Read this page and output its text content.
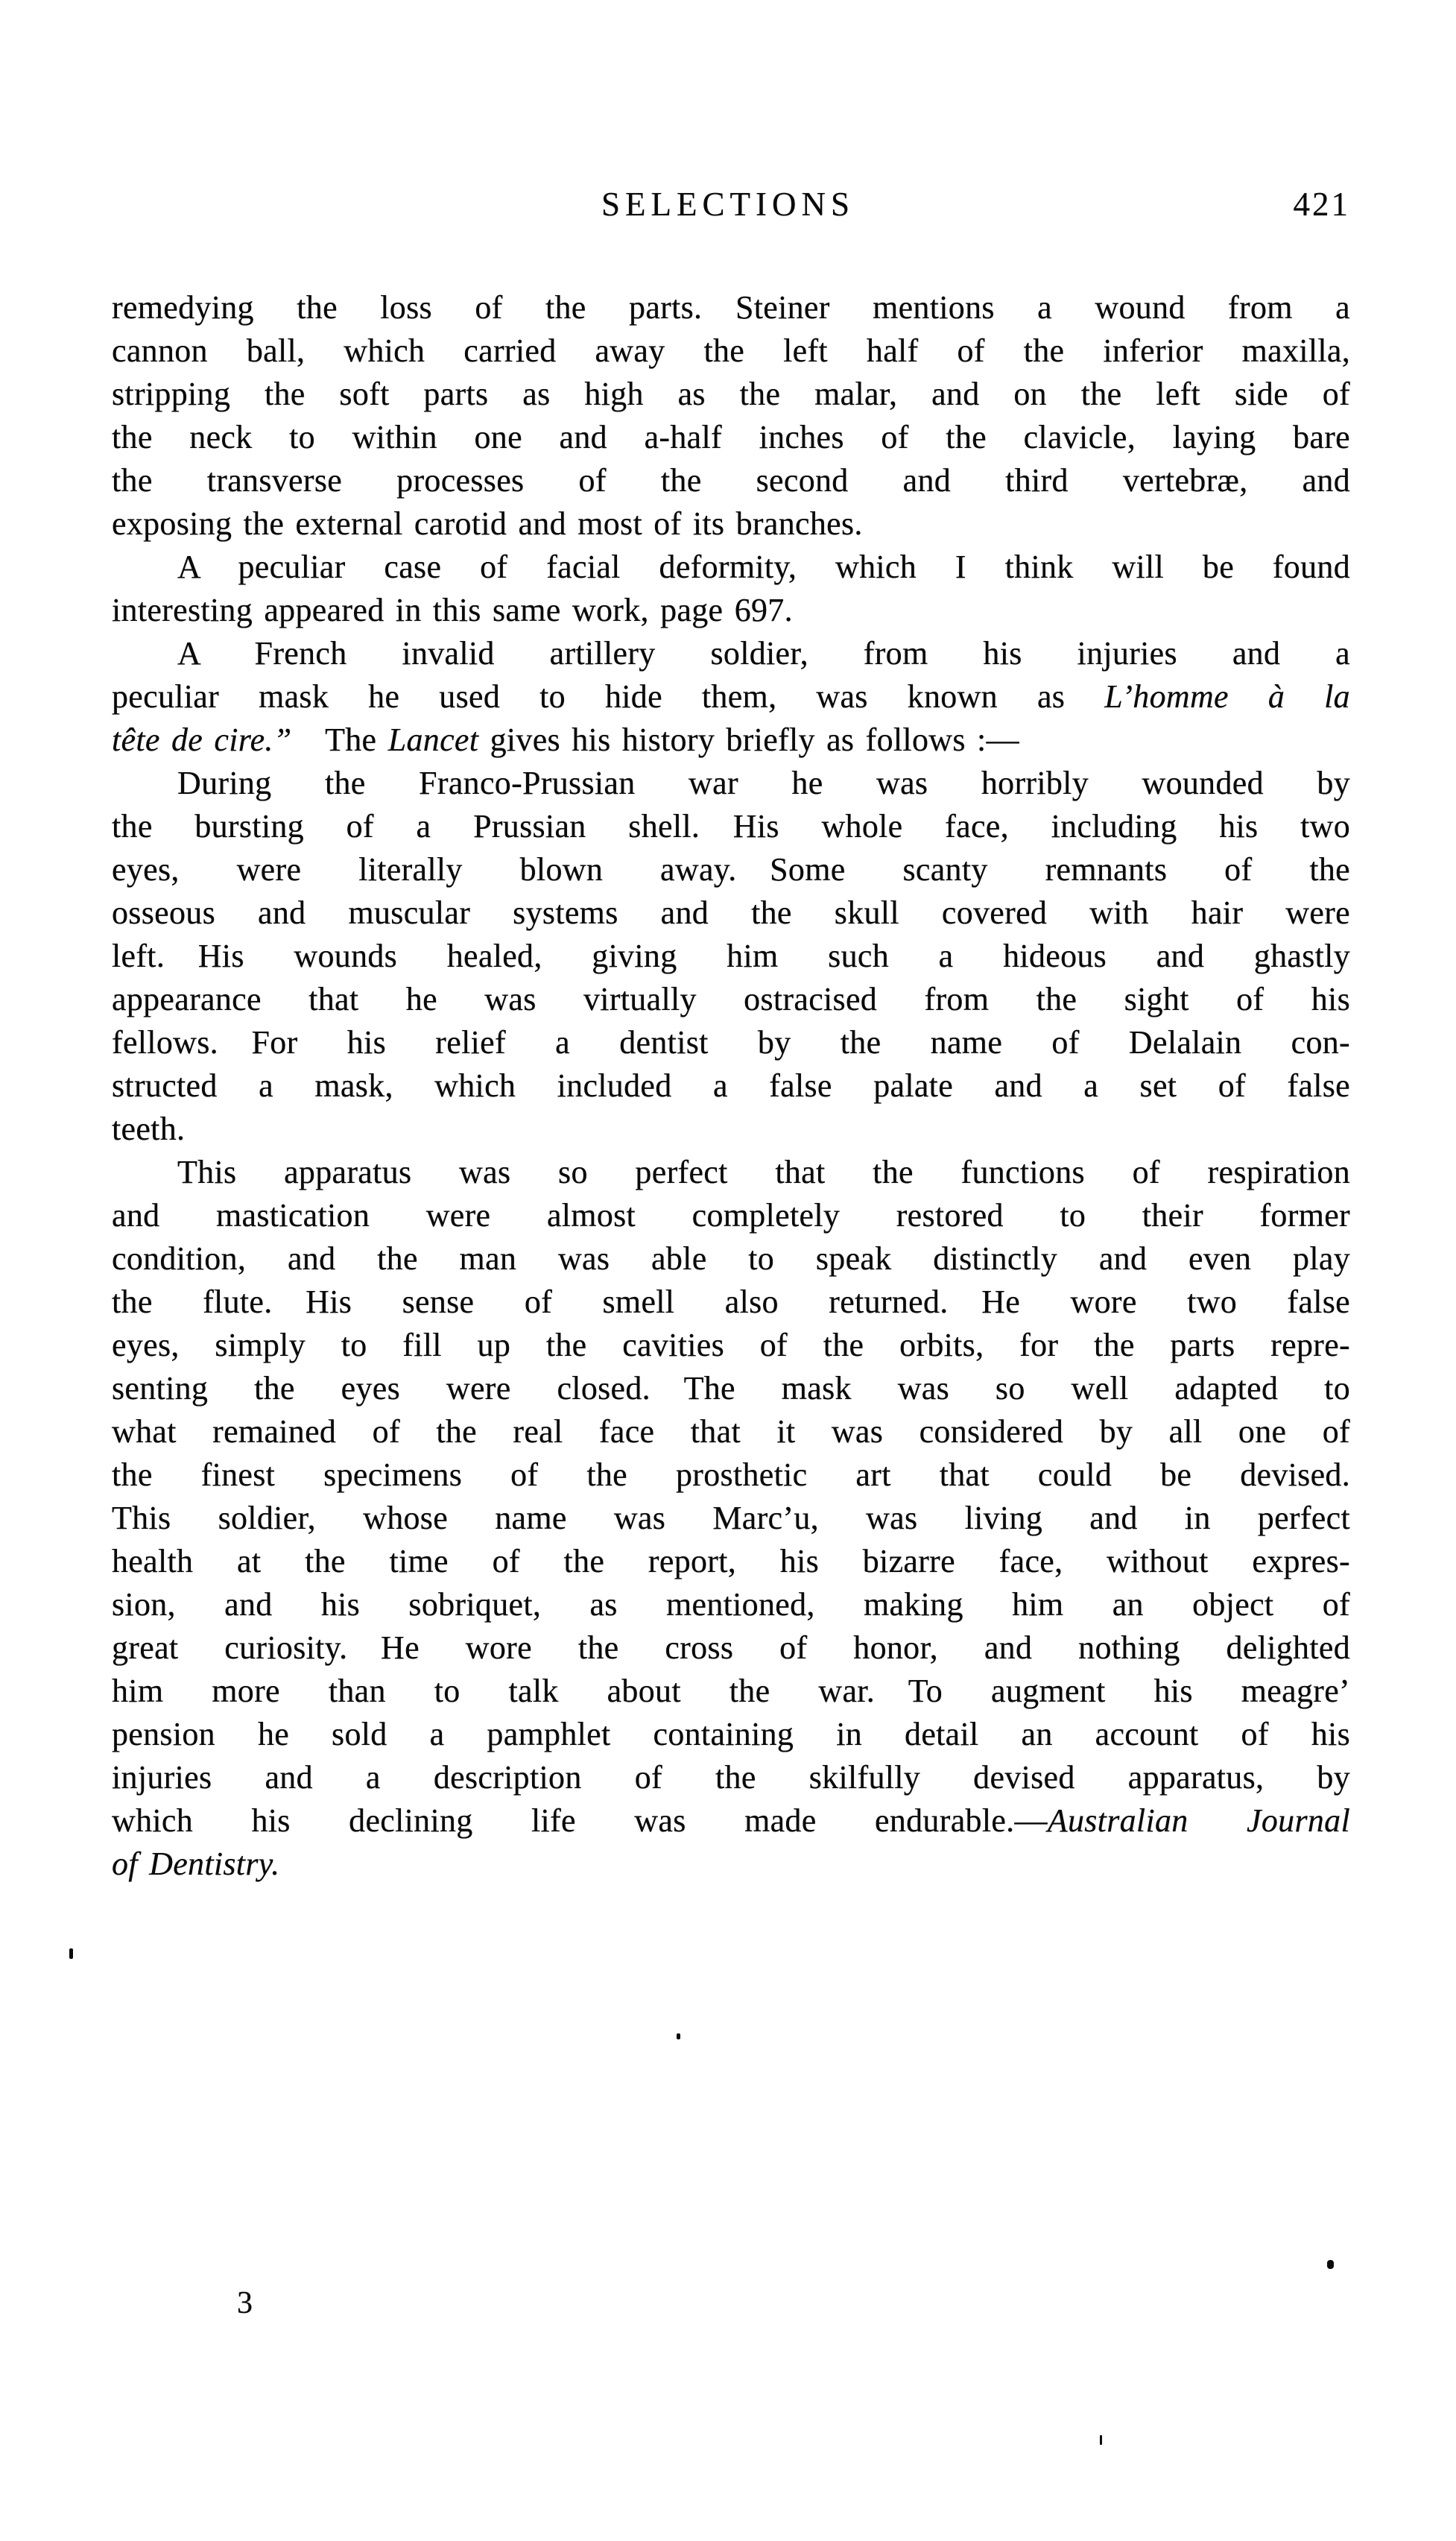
SELECTIONS	421
remedying the loss of the parts.  Steiner mentions a wound from a
cannon ball, which carried away the left half of the inferior maxilla,
stripping the soft parts as high as the malar, and on the left side of
the neck to within one and a-half inches of the clavicle, laying bare
the transverse processes of the second and third vertebræ, and
exposing the external carotid and most of its branches.
A peculiar case of facial deformity, which I think will be found
interesting appeared in this same work, page 697.
A French invalid artillery soldier, from his injuries and a
peculiar mask he used to hide them, was known as L’homme à la
tête de cire.”  The Lancet gives his history briefly as follows :—
During the Franco-Prussian war he was horribly wounded by
the bursting of a Prussian shell.  His whole face, including his two
eyes, were literally blown away.  Some scanty remnants of the
osseous and muscular systems and the skull covered with hair were
left.  His wounds healed, giving him such a hideous and ghastly
appearance that he was virtually ostracised from the sight of his
fellows.  For his relief a dentist by the name of Delalain con-
structed a mask, which included a false palate and a set of false
teeth.
This apparatus was so perfect that the functions of respiration
and mastication were almost completely restored to their former
condition, and the man was able to speak distinctly and even play
the flute.  His sense of smell also returned.  He wore two false
eyes, simply to fill up the cavities of the orbits, for the parts repre-
senting the eyes were closed.  The mask was so well adapted to
what remained of the real face that it was considered by all one of
the finest specimens of the prosthetic art that could be devised.
This soldier, whose name was Marc’u, was living and in perfect
health at the time of the report, his bizarre face, without expres-
sion, and his sobriquet, as mentioned, making him an object of
great curiosity.  He wore the cross of honor, and nothing delighted
him more than to talk about the war.  To augment his meagre’
pension he sold a pamphlet containing in detail an account of his
injuries and a description of the skilfully devised apparatus, by
which his declining life was made endurable.—Australian Journal
of Dentistry.
3
